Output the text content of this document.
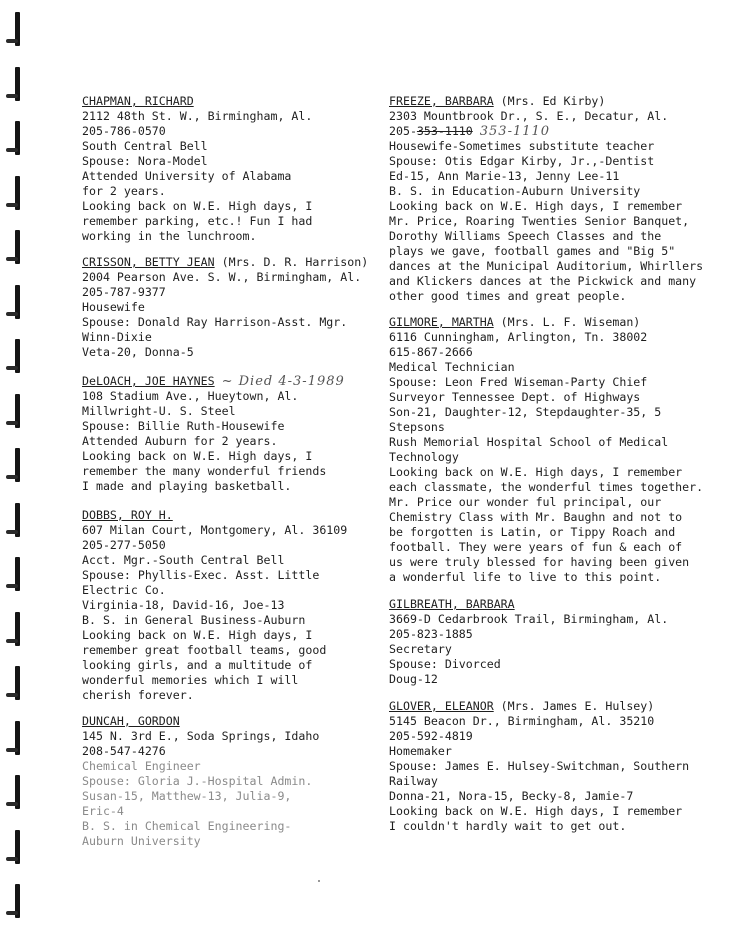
CHAPMAN, RICHARD
2112 48th St. W., Birmingham, Al.
205-786-0570
South Central Bell
Spouse: Nora-Model
Attended University of Alabama
for 2 years.
Looking back on W.E. High days, I
remember parking, etc.! Fun I had
working in the lunchroom.
CRISSON, BETTY JEAN (Mrs. D. R. Harrison)
2004 Pearson Ave. S. W., Birmingham, Al.
205-787-9377
Housewife
Spouse: Donald Ray Harrison-Asst. Mgr.
Winn-Dixie
Veta-20, Donna-5
DeLOACH, JOE HAYNES ~ Died 4-3-1989
108 Stadium Ave., Hueytown, Al.
Millwright-U. S. Steel
Spouse: Billie Ruth-Housewife
Attended Auburn for 2 years.
Looking back on W.E. High days, I
remember the many wonderful friends
I made and playing basketball.
DOBBS, ROY H.
607 Milan Court, Montgomery, Al. 36109
205-277-5050
Acct. Mgr.-South Central Bell
Spouse: Phyllis-Exec. Asst. Little
Electric Co.
Virginia-18, David-16, Joe-13
B. S. in General Business-Auburn
Looking back on W.E. High days, I
remember great football teams, good
looking girls, and a multitude of
wonderful memories which I will
cherish forever.
DUNCAH, GORDON
145 N. 3rd E., Soda Springs, Idaho
208-547-4276
Chemical Engineer
Spouse: Gloria J.-Hospital Admin.
Susan-15, Matthew-13, Julia-9,
Eric-4
B. S. in Chemical Engineering-
Auburn University
FREEZE, BARBARA (Mrs. Ed Kirby)
2303 Mountbrook Dr., S. E., Decatur, Al.
205-353-1110 353-1110
Housewife-Sometimes substitute teacher
Spouse: Otis Edgar Kirby, Jr.,-Dentist
Ed-15, Ann Marie-13, Jenny Lee-11
B. S. in Education-Auburn University
Looking back on W.E. High days, I remember
Mr. Price, Roaring Twenties Senior Banquet,
Dorothy Williams Speech Classes and the
plays we gave, football games and "Big 5"
dances at the Municipal Auditorium, Whirllers
and Klickers dances at the Pickwick and many
other good times and great people.
GILMORE, MARTHA (Mrs. L. F. Wiseman)
6116 Cunningham, Arlington, Tn. 38002
615-867-2666
Medical Technician
Spouse: Leon Fred Wiseman-Party Chief
Surveyor Tennessee Dept. of Highways
Son-21, Daughter-12, Stepdaughter-35, 5
Stepsons
Rush Memorial Hospital School of Medical
Technology
Looking back on W.E. High days, I remember
each classmate, the wonderful times together.
Mr. Price our wonder ful principal, our
Chemistry Class with Mr. Baughn and not to
be forgotten is Latin, or Tippy Roach and
football. They were years of fun & each of
us were truly blessed for having been given
a wonderful life to live to this point.
GILBREATH, BARBARA
3669-D Cedarbrook Trail, Birmingham, Al.
205-823-1885
Secretary
Spouse: Divorced
Doug-12
GLOVER, ELEANOR (Mrs. James E. Hulsey)
5145 Beacon Dr., Birmingham, Al. 35210
205-592-4819
Homemaker
Spouse: James E. Hulsey-Switchman, Southern
Railway
Donna-21, Nora-15, Becky-8, Jamie-7
Looking back on W.E. High days, I remember
I couldn't hardly wait to get out.
